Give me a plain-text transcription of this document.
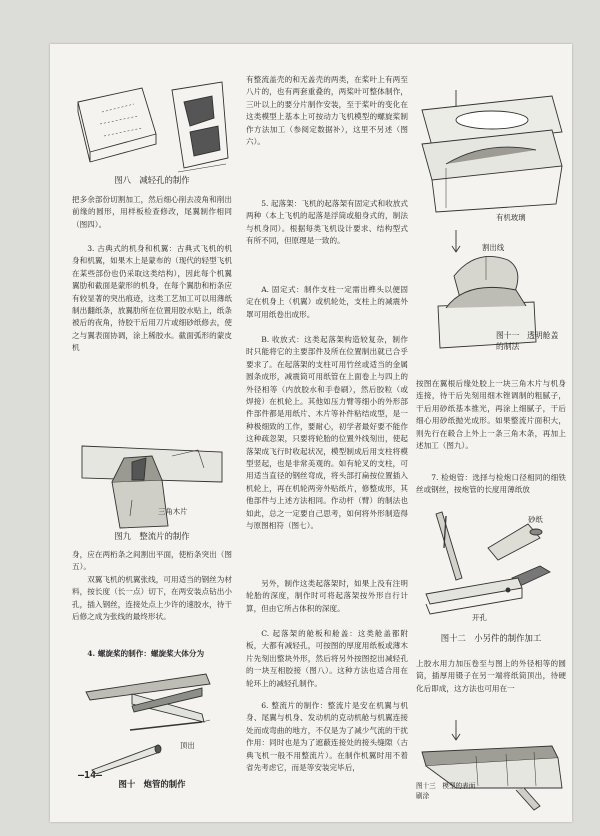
图八　减轻孔的制作

把多余部份切割加工，然后细心削去凌角和削出前缘的圆形，用样板检查修改，尾翼制作相同（图四）。

3. 古典式的机身和机翼：古典式飞机的机身和机翼，如果木上是蒙布的（现代的轻型飞机在某些部份也仍采取这类结构），因此每个机翼翼肋和截面是蒙形的机身，在每个翼肋和桁条应有较显著的突出痕迹，这类工艺加工可以用薄纸制出翻纸条，放翼肋所在位置用胶水贴上，纸条被后的夜角，待胶干后用刀片或细砂纸修去，使之与翼表面协调，涂上稀胶水。截面弧形的蒙皮机

三角木片
图九　整流片的制作

身，应在两桁条之间割出平面，使桁条突出（图五）。

双翼飞机的机翼张线，可用适当的钢丝为材料，按长度（长一点）切下，在两安装点钻出小孔，插入钢丝，连接处点上少许的速胶水，待干后修之成为张线的最终形状。

4. 螺旋桨的制作：螺旋桨大体分为

顶出
图十　炮管的制作
—14—

有整流盖壳的和无盖壳的两类，在桨叶上有两至八片的，也有两套重叠的，两桨叶可整体制作，三叶以上的要分片制作安装，至于桨叶的变化在这类模型上基本上可按动力飞机模型的螺旋桨制作方法加工（参阅定数据补），这里不另述（图六）。

5. 起落架：飞机的起落架有固定式和收放式两种（本上飞机的起落是浮筒或船身式的，制法与机身同）。根据每类飞机设计要求、结构型式有所不同，但原理是一致的。

A. 固定式：制作支柱一定需出榫头以便固定在机身上（机翼）或机轮处，支柱上的减震外罩可用纸卷出成形。

B. 收放式：这类起落架构造较复杂，制作时只能将它的主要部件及所在位置制出就已合乎要求了。在起落架的支柱可用竹丝或适当的金属圆条成形，减震筒可用纸管在上面卷上与四上的外径相等（内放胶水和手卷刷），然后胶粒（或焊接）在机轮上。其他如压力臂等细小的外形部件部件都是用纸片、木片等补件粘结成型，是一种极细致的工作，要耐心，初学者最好要不能作这种疏忽架，只要将轮胎的位置外线刻出，使起落架成飞行时收起状况，模型制成后用支柱将模型竖起，也是非常美观的。如有轮叉的支柱，可用适当直径的钢丝弯成，将头部打扁按位置插入机轮上，再在机轮两旁外贴纸片，修整成形，其他部件与上述方法相同。作动杆（臂）的制法也如此，总之一定要自己思考，如何将外形制造得与原图相符（图七）。

另外，制作这类起落架时，如果上没有注明轮胎的深度，制作时可将起落架按外形自行计算，但由它所占体积的深度。

C. 起落架的舱板和舱盖：这类舱盖都附板，大都有减轻孔，可按图的厚度用纸板或薄木片先刻出整块外形，然后将另外按图挖出减轻孔的一块互相胶接（图八）。这种方法也适合用在轮环上的减轻孔制作。

6. 整流片的制作：整流片是安在机翼与机身、尾翼与机身、发动机的克动机舱与机翼连接处而成弯曲的地方，不仅是为了减少气流的干扰作用：同时也是为了遮蔽连接处的接头缝隙（古典飞机一般不用整流片）。在制作机翼时用不着省先考虑它，而是等安装完毕后，

有机玻璃
割出线
图十一　透明舱盖的制法

按图在翼根后缘处胶上一块三角木片与机身连接，待干后先刻用细木锉调制的粗腻子，干后用砂纸基本推光，再涂上细腻子，干后细心用砂纸抛光成形。如果整流片面积大，则先行在毂合上外上一条三角木条，再加上述加工（图九）。

7. 检炮管：选择与检炮口径相同的细铁丝或钢丝，按炮管的长度用薄纸放

砂纸
开孔
图十二　小另件的制作加工

上胶水用力加压卷至与图上的外径相等的圆筒，插厚用镊子在另一端将纸筒顶出，待硬化后即成，这方法也可用在一

图十三　模型的表面刷涂
